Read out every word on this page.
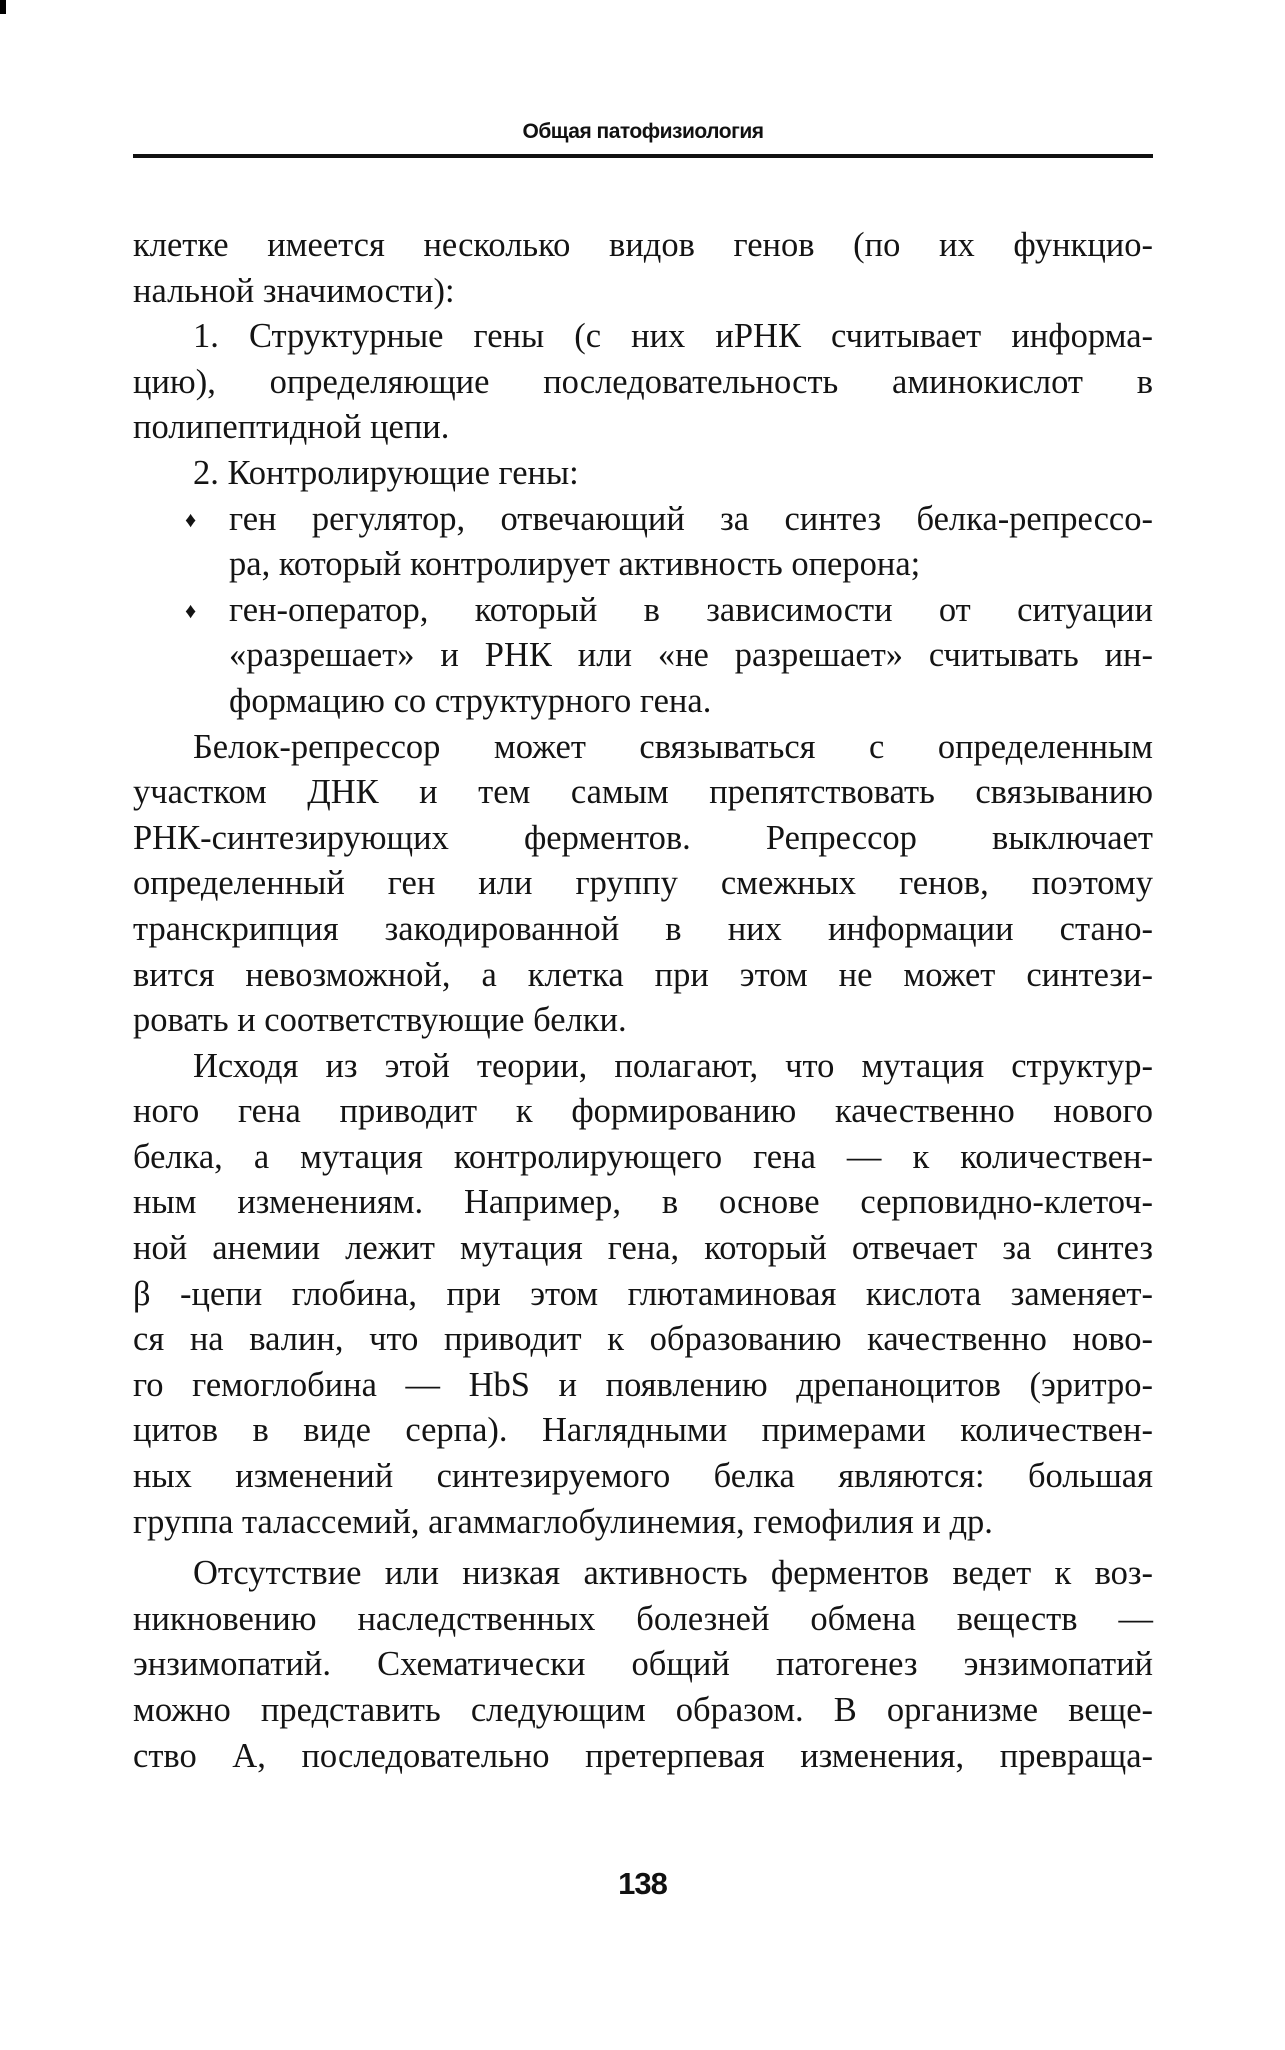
Общая патофизиология

клетке имеется несколько видов генов (по их функцио-
нальной значимости):

1. Структурные гены (с них иРНК считывает информа-
цию), определяющие последовательность аминокислот в
полипептидной цепи.

2. Контролирующие гены:

♦ ген регулятор, отвечающий за синтез белка-репрессо-
ра, который контролирует активность оперона;

♦ ген-оператор, который в зависимости от ситуации
«разрешает» и РНК или «не разрешает» считывать ин-
формацию со структурного гена.

Белок-репрессор может связываться с определенным
участком ДНК и тем самым препятствовать связыванию
РНК-синтезирующих ферментов. Репрессор выключает
определенный ген или группу смежных генов, поэтому
транскрипция закодированной в них информации стано-
вится невозможной, а клетка при этом не может синтези-
ровать и соответствующие белки.

Исходя из этой теории, полагают, что мутация структур-
ного гена приводит к формированию качественно нового
белка, а мутация контролирующего гена — к количествен-
ным изменениям. Например, в основе серповидно-клеточ-
ной анемии лежит мутация гена, который отвечает за синтез
β -цепи глобина, при этом глютаминовая кислота заменяет-
ся на валин, что приводит к образованию качественно ново-
го гемоглобина — HbS и появлению дрепаноцитов (эритро-
цитов в виде серпа). Наглядными примерами количествен-
ных изменений синтезируемого белка являются: большая
группа талассемий, агаммаглобулинемия, гемофилия и др.

Отсутствие или низкая активность ферментов ведет к воз-
никновению наследственных болезней обмена веществ —
энзимопатий. Схематически общий патогенез энзимопатий
можно представить следующим образом. В организме веще-
ство А, последовательно претерпевая изменения, превраща-

138
